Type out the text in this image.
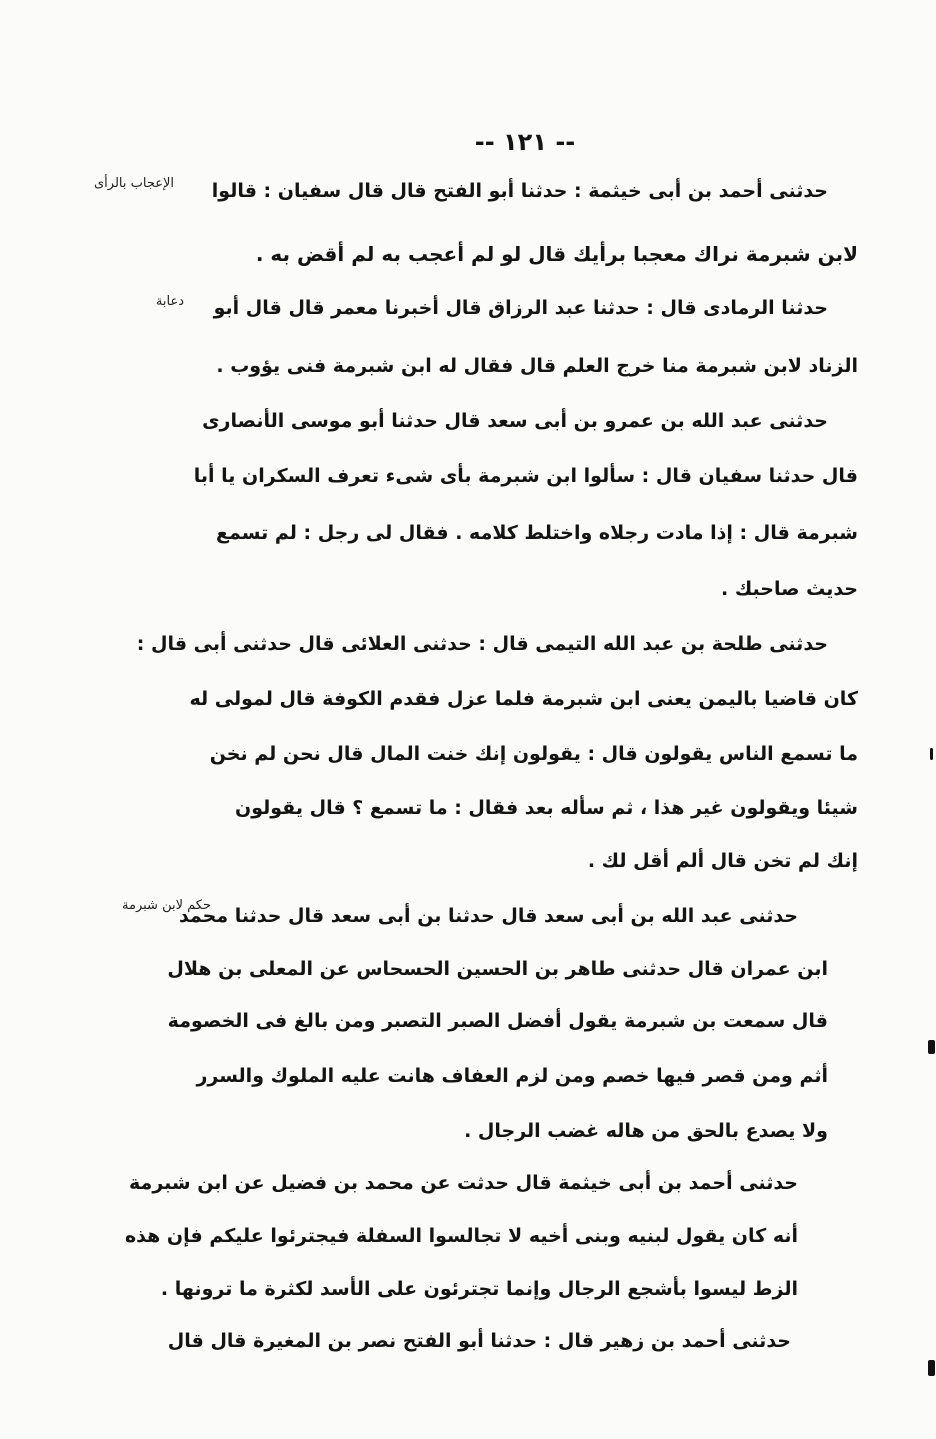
-- ١٢١ --
الإعجاب بالرأى
دعابة
حكم لابن شبرمة
حدثنى أحمد بن أبى خيثمة : حدثنا أبو الفتح قال قال سفيان : قالوا
لابن شبرمة نراك معجبا برأيك قال لو لم أعجب به لم أقض به .
حدثنا الرمادى قال : حدثنا عبد الرزاق قال أخبرنا معمر قال قال أبو
الزناد لابن شبرمة منا خرج العلم قال فقال له ابن شبرمة فنى يؤوب .
حدثنى عبد الله بن عمرو بن أبى سعد قال حدثنا أبو موسى الأنصارى
قال حدثنا سفيان قال : سألوا ابن شبرمة بأى شىء تعرف السكران يا أبا
شبرمة قال : إذا مادت رجلاه واختلط كلامه . فقال لى رجل : لم تسمع
حديث صاحبك .
حدثنى طلحة بن عبد الله التيمى قال : حدثنى العلائى قال حدثنى أبى قال :
كان قاضيا باليمن يعنى ابن شبرمة فلما عزل فقدم الكوفة قال لمولى له
ما تسمع الناس يقولون قال : يقولون إنك خنت المال قال نحن لم نخن
شيئا ويقولون غير هذا ، ثم سأله بعد فقال : ما تسمع ؟ قال يقولون
إنك لم تخن قال ألم أقل لك .
حدثنى عبد الله بن أبى سعد قال حدثنا بن أبى سعد قال حدثنا محمد
ابن عمران قال حدثنى طاهر بن الحسين الحسحاس عن المعلى بن هلال
قال سمعت بن شبرمة يقول أفضل الصبر التصبر ومن بالغ فى الخصومة
أثم ومن قصر فيها خصم ومن لزم العفاف هانت عليه الملوك والسرر
ولا يصدع بالحق من هاله غضب الرجال .
حدثنى أحمد بن أبى خيثمة قال حدثت عن محمد بن فضيل عن ابن شبرمة
أنه كان يقول لبنيه وبنى أخيه لا تجالسوا السفلة فيجترئوا عليكم فإن هذه
الزط ليسوا بأشجع الرجال وإنما تجترئون على الأسد لكثرة ما ترونها .
حدثنى أحمد بن زهير قال : حدثنا أبو الفتح نصر بن المغيرة قال قال
